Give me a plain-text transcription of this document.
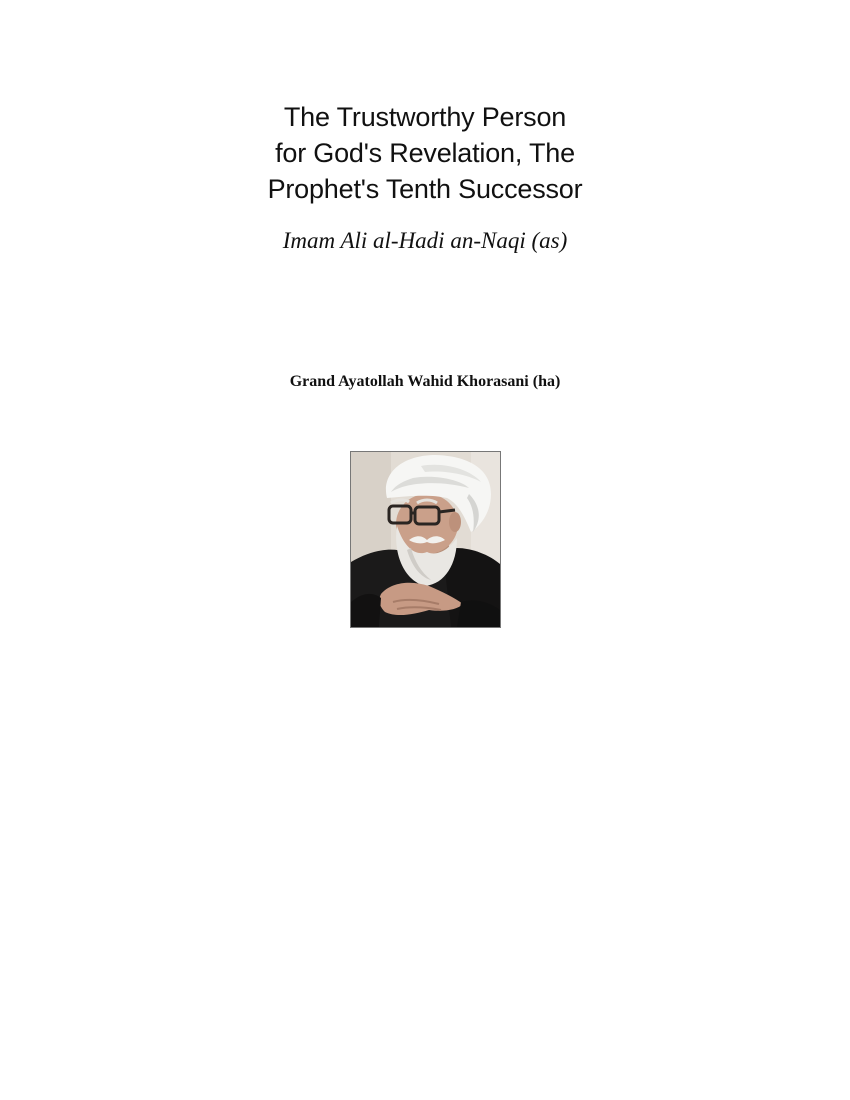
The Trustworthy Person
for God's Revelation, The
Prophet's Tenth Successor
Imam Ali al-Hadi an-Naqi (as)
Grand Ayatollah Wahid Khorasani (ha)
